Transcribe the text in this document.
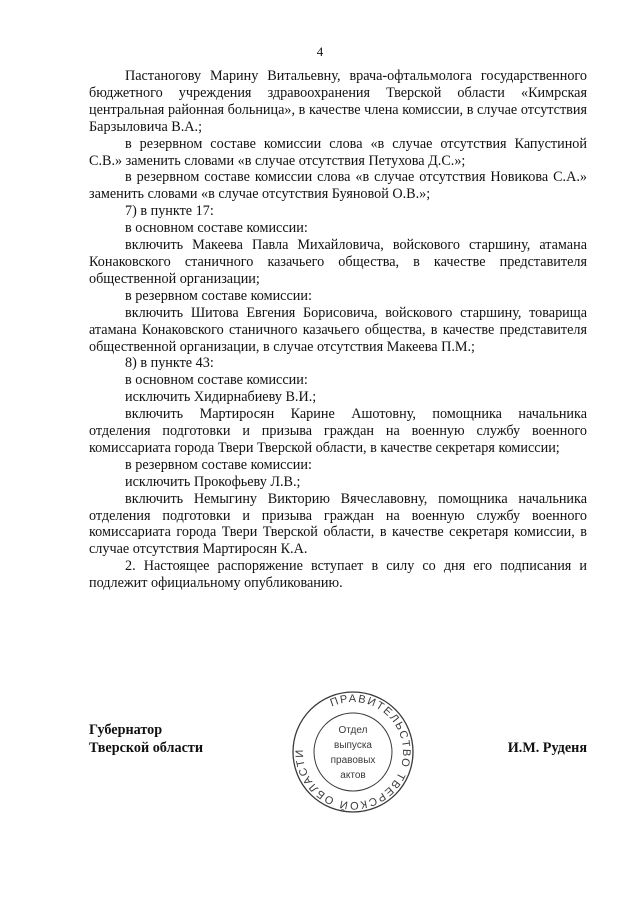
4

Пастаногову Марину Витальевну, врача-офтальмолога государственного бюджетного учреждения здравоохранения Тверской области «Кимрская центральная районная больница», в качестве члена комиссии, в случае отсутствия Барзыловича В.А.;

в резервном составе комиссии слова «в случае отсутствия Капустиной С.В.» заменить словами «в случае отсутствия Петухова Д.С.»;

в резервном составе комиссии слова «в случае отсутствия Новикова С.А.» заменить словами «в случае отсутствия Буяновой О.В.»;

7) в пункте 17:

в основном составе комиссии:

включить Макеева Павла Михайловича, войскового старшину, атамана Конаковского станичного казачьего общества, в качестве представителя общественной организации;

в резервном составе комиссии:

включить Шитова Евгения Борисовича, войскового старшину, товарища атамана Конаковского станичного казачьего общества, в качестве представителя общественной организации, в случае отсутствия Макеева П.М.;

8) в пункте 43:

в основном составе комиссии:

исключить Хидирнабиеву В.И.;

включить Мартиросян Карине Ашотовну, помощника начальника отделения подготовки и призыва граждан на военную службу военного комиссариата города Твери Тверской области, в качестве секретаря комиссии;

в резервном составе комиссии:

исключить Прокофьеву Л.В.;

включить Немыгину Викторию Вячеславовну, помощника начальника отделения подготовки и призыва граждан на военную службу военного комиссариата города Твери Тверской области, в качестве секретаря комиссии, в случае отсутствия Мартиросян К.А.

2. Настоящее распоряжение вступает в силу со дня его подписания и подлежит официальному опубликованию.

Губернатор
Тверской области	И.М. Руденя
ПРАВИТЕЛЬСТВО ТВЕРСКОЙ ОБЛАСТИ
Отдел
выпуска
правовых
актов
